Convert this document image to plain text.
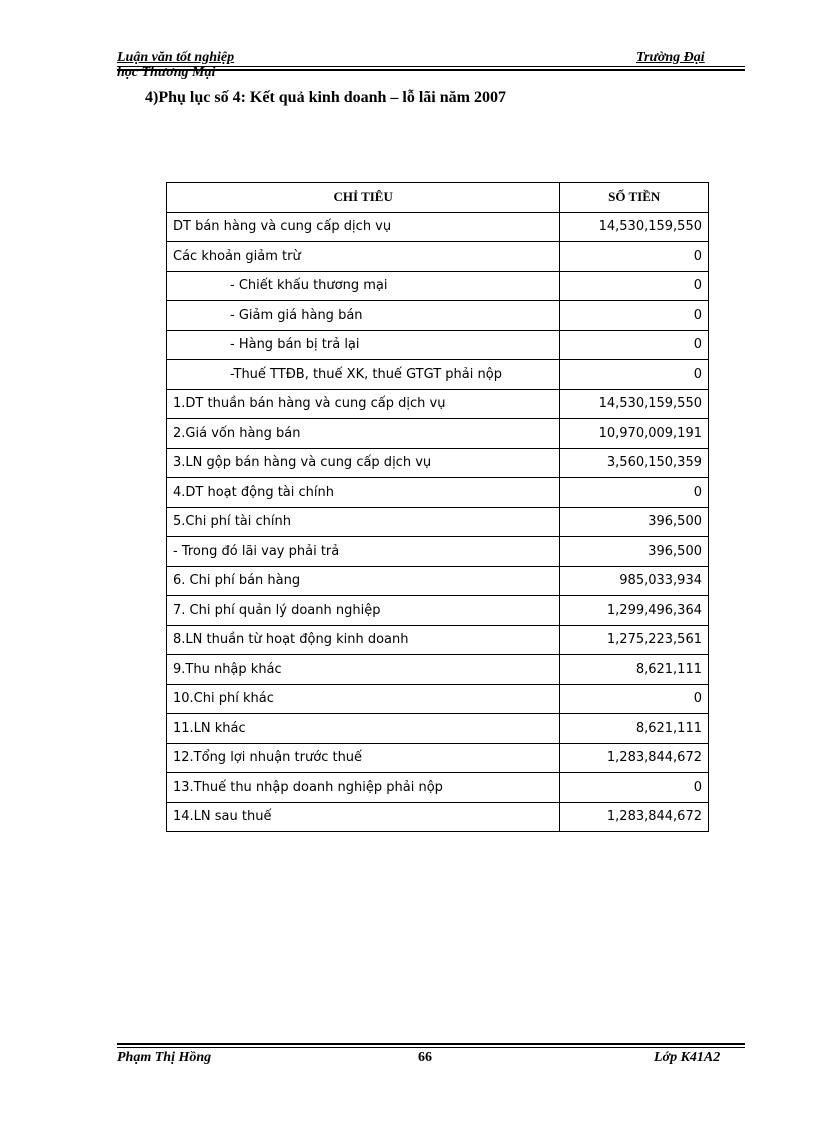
Luận văn tốt nghiệp
học Thương Mại
Trường Đại
4)Phụ lục số 4: Kết quả kinh doanh – lỗ lãi năm 2007
CHỈ TIÊU	SỐ TIỀN
DT bán hàng và cung cấp dịch vụ	14,530,159,550
Các khoản giảm trừ	0
- Chiết khấu thương mại	0
- Giảm giá hàng bán	0
- Hàng bán bị trả lại	0
-Thuế TTĐB, thuế XK, thuế GTGT phải nộp	0
1.DT thuần bán hàng và cung cấp dịch vụ	14,530,159,550
2.Giá vốn hàng bán	10,970,009,191
3.LN gộp bán hàng và cung cấp dịch vụ	3,560,150,359
4.DT hoạt động tài chính	0
5.Chi phí tài chính	396,500
- Trong đó lãi vay phải trả	396,500
6. Chi phí bán hàng	985,033,934
7. Chi phí quản lý doanh nghiệp	1,299,496,364
8.LN thuần từ hoạt động kinh doanh	1,275,223,561
9.Thu nhập khác	8,621,111
10.Chi phí khác	0
11.LN khác	8,621,111
12.Tổng lợi nhuận trước thuế	1,283,844,672
13.Thuế thu nhập doanh nghiệp phải nộp	0
14.LN sau thuế	1,283,844,672
Phạm Thị Hồng	66	Lớp K41A2
